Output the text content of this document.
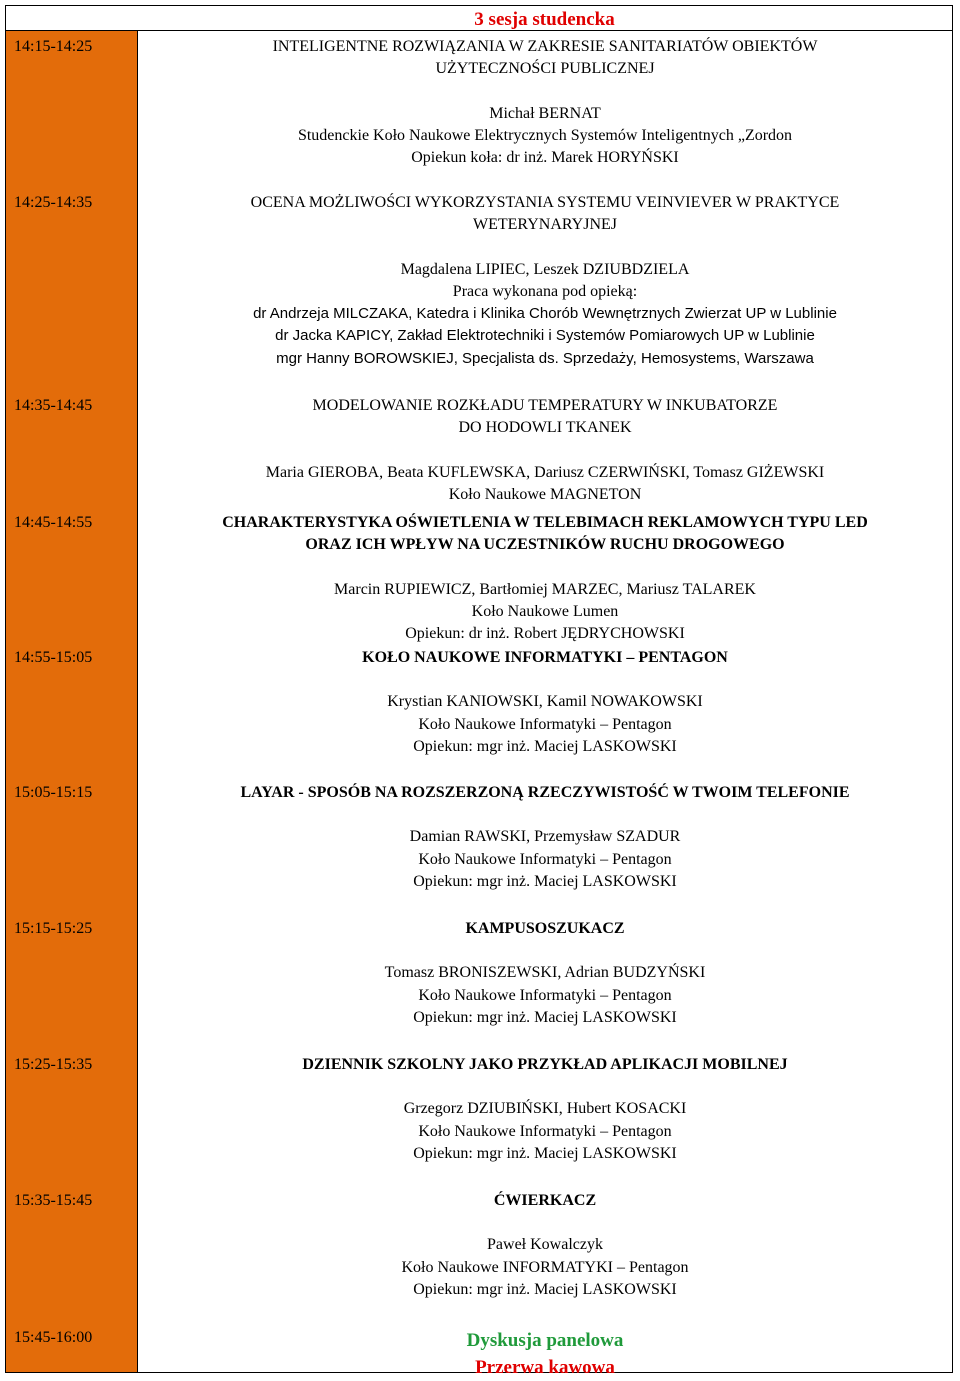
3 sesja studencka
14:15-14:25	INTELIGENTNE ROZWIĄZANIA W ZAKRESIE SANITARIATÓW OBIEKTÓW
UŻYTECZNOŚCI PUBLICZNEJ
Michał BERNAT
Studenckie Koło Naukowe Elektrycznych Systemów Inteligentnych „Zordon
Opiekun koła: dr inż. Marek HORYŃSKI
14:25-14:35	OCENA MOŻLIWOŚCI WYKORZYSTANIA SYSTEMU VEINVIEVER W PRAKTYCE
WETERYNARYJNEJ
Magdalena LIPIEC, Leszek DZIUBDZIELA
Praca wykonana pod opieką:
dr Andrzeja MILCZAKA, Katedra i Klinika Chorób Wewnętrznych Zwierzat UP w Lublinie
dr Jacka KAPICY, Zakład Elektrotechniki i Systemów Pomiarowych UP w Lublinie
mgr Hanny BOROWSKIEJ, Specjalista ds. Sprzedaży, Hemosystems, Warszawa
14:35-14:45	MODELOWANIE ROZKŁADU TEMPERATURY W INKUBATORZE
DO HODOWLI TKANEK
Maria GIEROBA, Beata KUFLEWSKA, Dariusz CZERWIŃSKI, Tomasz GIŻEWSKI
Koło Naukowe MAGNETON
14:45-14:55	CHARAKTERYSTYKA OŚWIETLENIA W TELEBIMACH REKLAMOWYCH TYPU LED
ORAZ ICH WPŁYW NA UCZESTNIKÓW RUCHU DROGOWEGO
Marcin RUPIEWICZ, Bartłomiej MARZEC, Mariusz TALAREK
Koło Naukowe Lumen
Opiekun: dr inż. Robert JĘDRYCHOWSKI
14:55-15:05	KOŁO NAUKOWE INFORMATYKI – PENTAGON
Krystian KANIOWSKI, Kamil NOWAKOWSKI
Koło Naukowe Informatyki – Pentagon
Opiekun: mgr inż. Maciej LASKOWSKI
15:05-15:15	LAYAR - SPOSÓB NA ROZSZERZONĄ RZECZYWISTOŚĆ W TWOIM TELEFONIE
Damian RAWSKI, Przemysław SZADUR
Koło Naukowe Informatyki – Pentagon
Opiekun: mgr inż. Maciej LASKOWSKI
15:15-15:25	KAMPUSOSZUKACZ
Tomasz BRONISZEWSKI, Adrian BUDZYŃSKI
Koło Naukowe Informatyki – Pentagon
Opiekun: mgr inż. Maciej LASKOWSKI
15:25-15:35	DZIENNIK SZKOLNY JAKO PRZYKŁAD APLIKACJI MOBILNEJ
Grzegorz DZIUBIŃSKI, Hubert KOSACKI
Koło Naukowe Informatyki – Pentagon
Opiekun: mgr inż. Maciej LASKOWSKI
15:35-15:45	ĆWIERKACZ
Paweł Kowalczyk
Koło Naukowe INFORMATYKI – Pentagon
Opiekun: mgr inż. Maciej LASKOWSKI
15:45-16:00	Dyskusja panelowa
Przerwa kawowa
